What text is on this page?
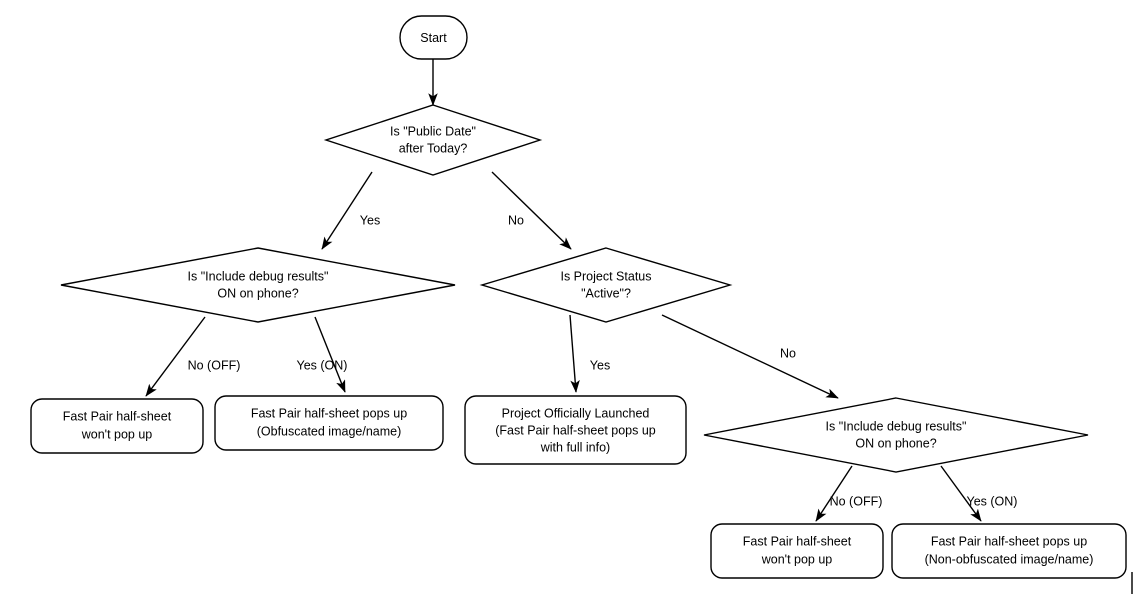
Start
Is "Public Date"
after Today?
Is "Include debug results"
ON on phone?
Is Project Status
"Active"?
Fast Pair half-sheet
won't pop up
Fast Pair half-sheet pops up
(Obfuscated image/name)
Project Officially Launched
(Fast Pair half-sheet pops up
with full info)
Is "Include debug results"
ON on phone?
Fast Pair half-sheet
won't pop up
Fast Pair half-sheet pops up
(Non-obfuscated image/name)
Yes	No
No (OFF)	Yes (ON)	Yes
No
No (OFF)	Yes (ON)
